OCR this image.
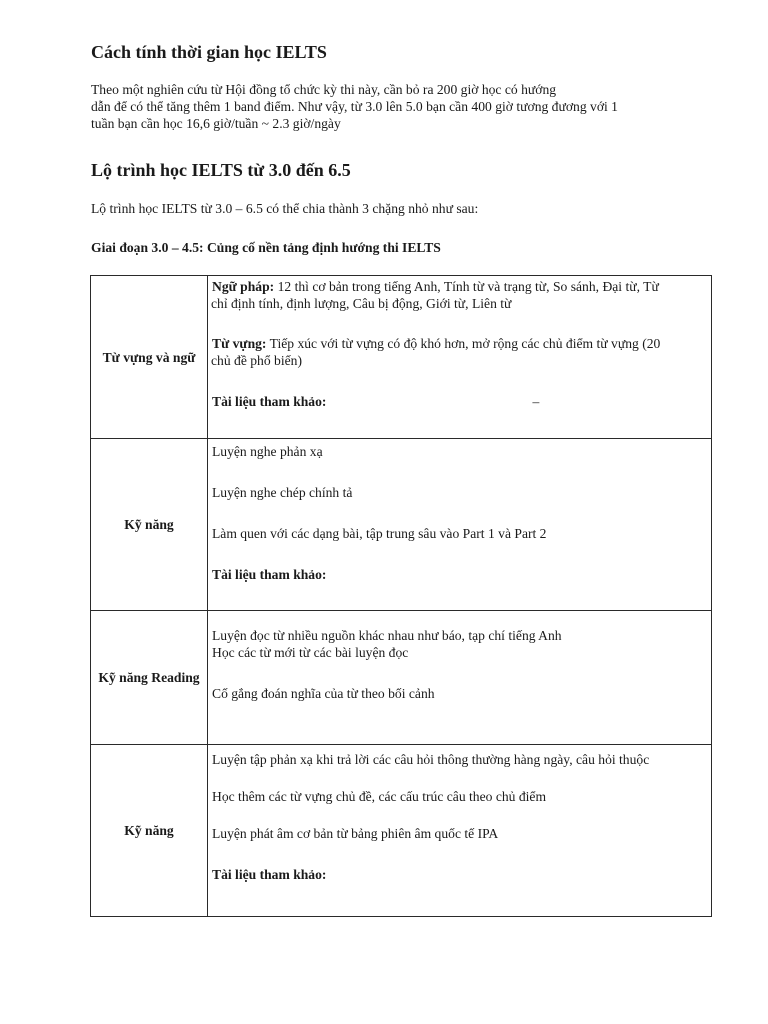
Cách tính thời gian học IELTS
Theo một nghiên cứu từ Hội đồng tổ chức kỳ thi này, cần bỏ ra 200 giờ học có hướng
dẫn để có thể tăng thêm 1 band điểm. Như vậy, từ 3.0 lên 5.0 bạn cần 400 giờ tương đương với 1
tuần bạn cần học 16,6 giờ/tuần ~ 2.3 giờ/ngày
Lộ trình học IELTS từ 3.0 đến 6.5

Lộ trình học IELTS từ 3.0 – 6.5 có thể chia thành 3 chặng nhỏ như sau:

Giai đoạn 3.0 – 4.5: Củng cố nền tảng định hướng thi IELTS

Từ vựng và ngữ	Ngữ pháp: 12 thì cơ bản trong tiếng Anh, Tính từ và trạng từ, So sánh, Đại từ, Từ
chỉ định tính, định lượng, Câu bị động, Giới từ, Liên từ
Từ vựng: Tiếp xúc với từ vựng có độ khó hơn, mở rộng các chủ điểm từ vựng (20
chủ đề phổ biến)
Tài liệu tham khảo: –

Kỹ năng	Luyện nghe phản xạ
Luyện nghe chép chính tả
Làm quen với các dạng bài, tập trung sâu vào Part 1 và Part 2
Tài liệu tham khảo:

Kỹ năng Reading	Luyện đọc từ nhiều nguồn khác nhau như báo, tạp chí tiếng Anh
Học các từ mới từ các bài luyện đọc
Cố gắng đoán nghĩa của từ theo bối cảnh

Kỹ năng	Luyện tập phản xạ khi trả lời các câu hỏi thông thường hàng ngày, câu hỏi thuộc
Học thêm các từ vựng chủ đề, các cấu trúc câu theo chủ điểm
Luyện phát âm cơ bản từ bảng phiên âm quốc tế IPA
Tài liệu tham khảo:
